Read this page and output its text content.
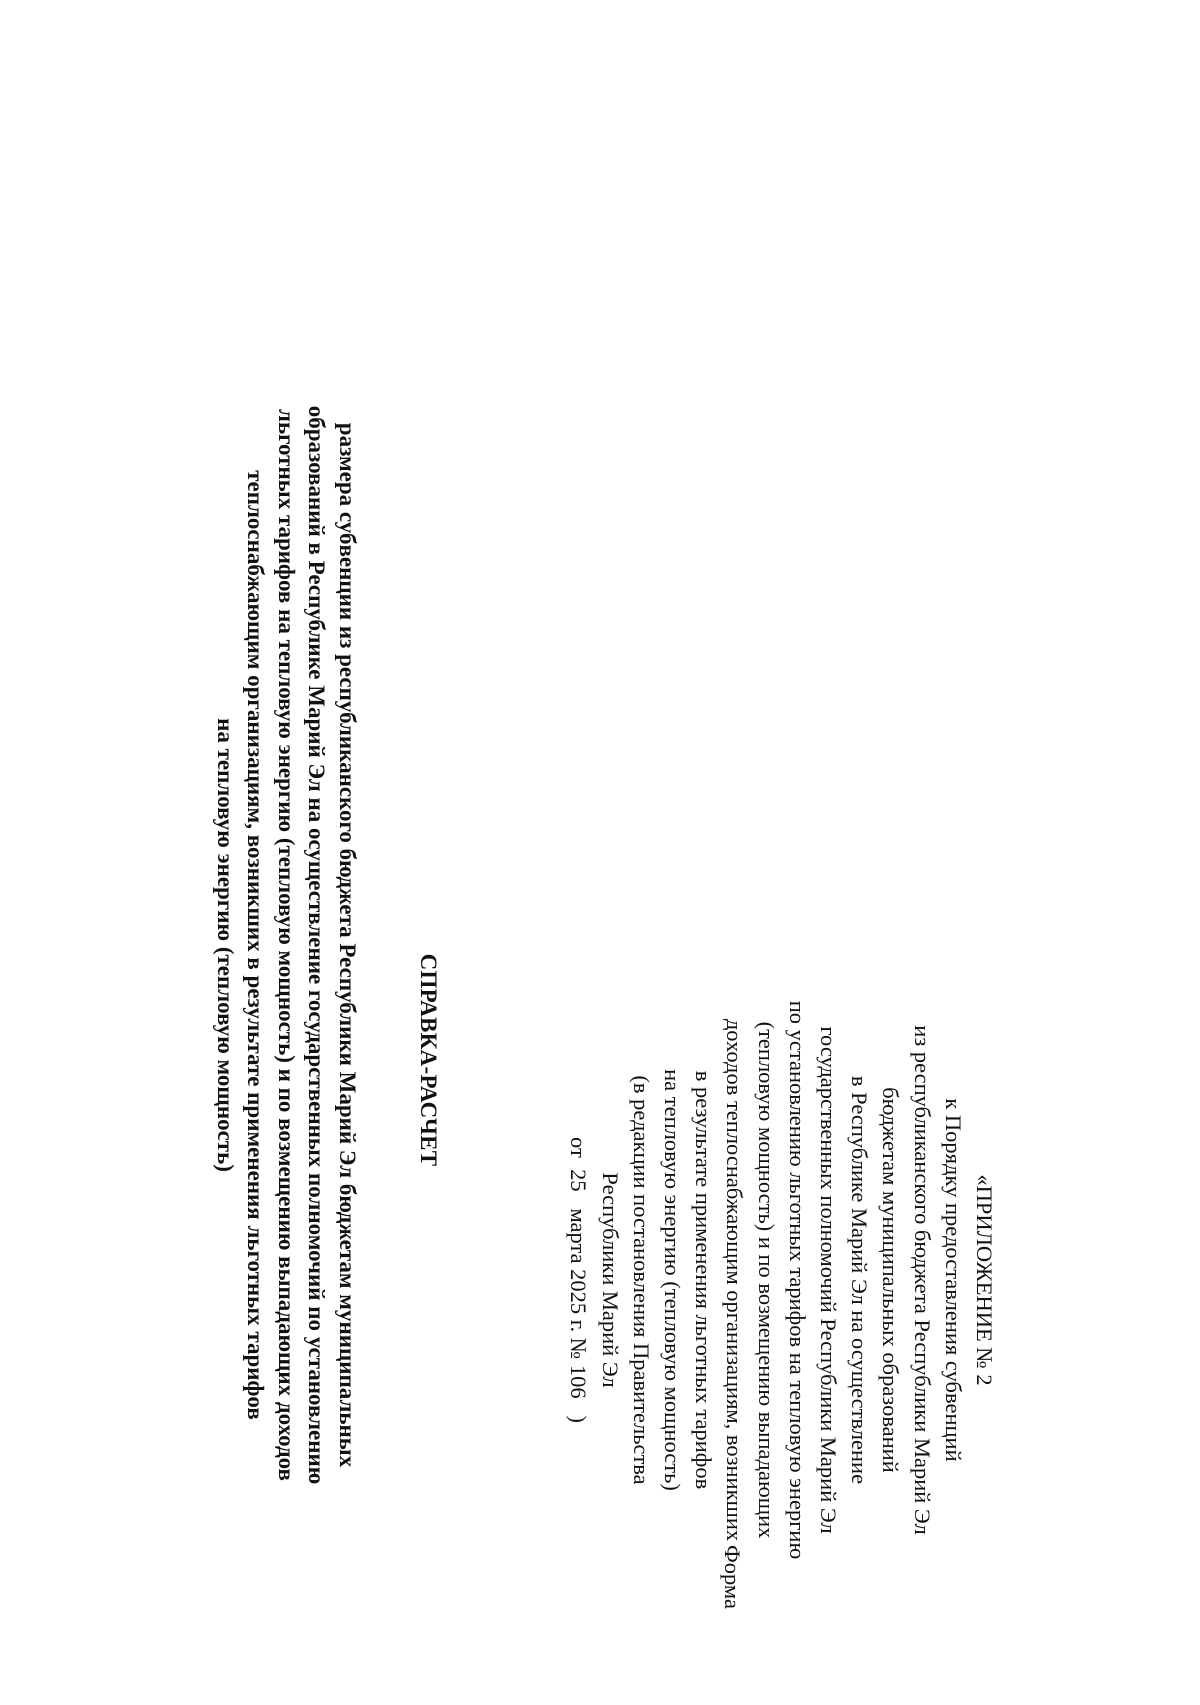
«ПРИЛОЖЕНИЕ № 2
к Порядку предоставления субвенций
из республиканского бюджета Республики Марий Эл
бюджетам муниципальных образований
в Республике Марий Эл на осуществление
государственных полномочий Республики Марий Эл
по установлению льготных тарифов на тепловую энергию
(тепловую мощность) и по возмещению выпадающих
доходов теплоснабжающим организациям, возникших
в результате применения льготных тарифов
на тепловую энергию (тепловую мощность)
(в редакции постановления Правительства
Республики Марий Эл
от  25   марта 2025 г. № 106   )
Форма
СПРАВКА-РАСЧЕТ
размера субвенции из республиканского бюджета Республики Марий Эл бюджетам муниципальных
образований в Республике Марий Эл на осуществление государственных полномочий по установлению
льготных тарифов на тепловую энергию (тепловую мощность) и по возмещению выпадающих доходов
теплоснабжающим организациям, возникших в результате применения льготных тарифов
на тепловую энергию (тепловую мощность)
